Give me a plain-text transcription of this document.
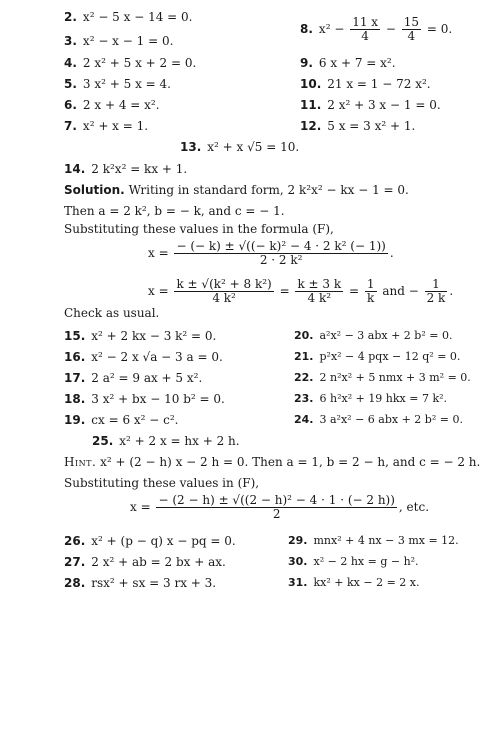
2. x² − 5 x − 14 = 0.
3. x² − x − 1 = 0.
4. 2 x² + 5 x + 2 = 0.
5. 3 x² + 5 x = 4.
6. 2 x + 4 = x².
7. x² + x = 1.
8. $x^2 - \frac{11 x}{4} - \frac{15}{4} = 0$.
9. 6 x + 7 = x².
10. 21 x = 1 − 72 x².
11. 2 x² + 3 x − 1 = 0.
12. 5 x = 3 x² + 1.
13. x² + x √5 = 10.
14. 2 k²x² = kx + 1.
Solution. Writing in standard form, 2 k²x² − kx − 1 = 0.
Then a = 2 k², b = − k, and c = − 1.
Substituting these values in the formula (F),
$x = \frac{\text{− (− k) ± √((− k)² − 4 · 2 k² (− 1))}}{\text{2 · 2 k²}}$ .
$x = \frac{\text{k ± √(k² + 8 k²)}}{\text{4 k²}} = \frac{k \pm 3 k}{\text{4 k²}} = \frac{1}{k}$ and − $\frac{1}{2 k}$ .
Check as usual.
15. x² + 2 kx − 3 k² = 0.
16. x² − 2 x √a − 3 a = 0.
17. 2 a² = 9 ax + 5 x².
18. 3 x² + bx − 10 b² = 0.
19. cx = 6 x² − c².
20. a²x² − 3 abx + 2 b² = 0.
21. p²x² − 4 pqx − 12 q² = 0.
22. 2 n²x² + 5 nmx + 3 m² = 0.
23. 6 h²x² + 19 hkx = 7 k².
24. 3 a²x² − 6 abx + 2 b² = 0.
25. x² + 2 x = hx + 2 h.
Hint. x² + (2 − h) x − 2 h = 0. Then a = 1, b = 2 − h, and c = − 2 h.
Substituting these values in (F),
$x = \frac{\text{− (2 − h) ± √((2 − h)² − 4 · 1 · (− 2 h))}}{2}$ , etc.
26. x² + (p − q) x − pq = 0.
27. 2 x² + ab = 2 bx + ax.
28. rsx² + sx = 3 rx + 3.
29. mnx² + 4 nx − 3 mx = 12.
30. x² − 2 hx = g − h².
31. kx² + kx − 2 = 2 x.
